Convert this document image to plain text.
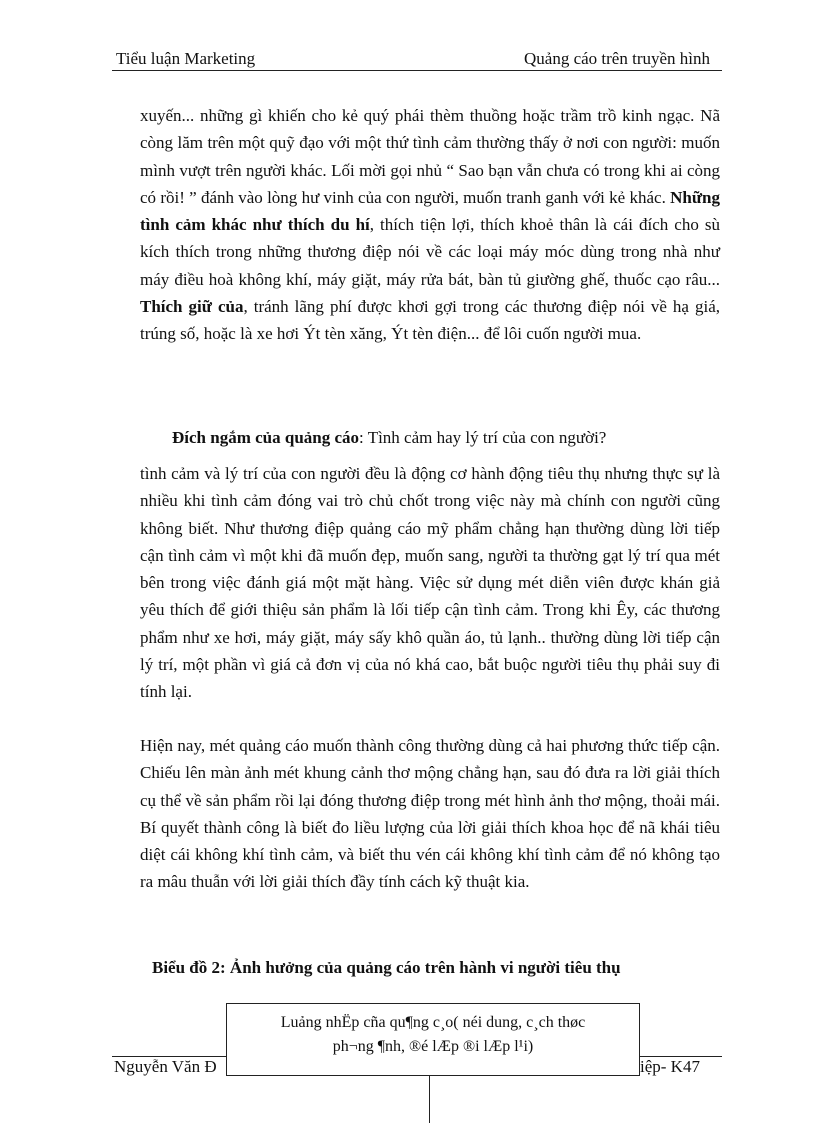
Tiểu luận Marketing	Quảng cáo trên truyền hình
xuyến... những gì khiến cho kẻ quý phái thèm thuồng hoặc trầm trồ kinh ngạc. Nã còng lăm trên một quỹ đạo với một thứ tình cảm thường thấy ở nơi con người: muốn mình vượt trên người khác. Lối mời gọi nhủ “ Sao bạn vẫn chưa có trong khi ai còng có rồi! ” đánh vào lòng hư vinh của con người, muốn tranh ganh với kẻ khác. Những tình cảm khác như thích du hí, thích tiện lợi, thích khoẻ thân là cái đích cho sù kích thích trong những thương điệp nói về các loại máy móc dùng trong nhà như máy điều hoà không khí, máy giặt, máy rửa bát, bàn tủ giường ghế, thuốc cạo râu... Thích giữ của, tránh lãng phí được khơi gợi trong các thương điệp nói về hạ giá, trúng số, hoặc là xe hơi Ýt tèn xăng, Ýt tèn điện... để lôi cuốn người mua.
Đích ngắm của quảng cáo: Tình cảm hay lý trí của con người?
tình cảm và lý trí của con người đều là động cơ hành động tiêu thụ nhưng thực sự là nhiều khi tình cảm đóng vai trò chủ chốt trong việc này mà chính con người cũng không biết. Như thương điệp quảng cáo mỹ phẩm chẳng hạn thường dùng lời tiếp cận tình cảm vì một khi đã muốn đẹp, muốn sang, người ta thường gạt lý trí qua mét bên trong việc đánh giá một mặt hàng. Việc sử dụng mét diễn viên được khán giả yêu thích để giới thiệu sản phẩm là lối tiếp cận tình cảm. Trong khi Êy, các thương phẩm như xe hơi, máy giặt, máy sấy khô quần áo, tủ lạnh.. thường dùng lời tiếp cận lý trí, một phần vì giá cả đơn vị của nó khá cao, bắt buộc người tiêu thụ phải suy đi tính lại.
Hiện nay, mét quảng cáo muốn thành công thường dùng cả hai phương thức tiếp cận. Chiếu lên màn ảnh mét khung cảnh thơ mộng chẳng hạn, sau đó đưa ra lời giải thích cụ thể về sản phẩm rồi lại đóng thương điệp trong mét hình ảnh thơ mộng, thoải mái. Bí quyết thành công là biết đo liều lượng của lời giải thích khoa học để nã khái tiêu diệt cái không khí tình cảm, và biết thu vén cái không khí tình cảm để nó không tạo ra mâu thuẫn với lời giải thích đầy tính cách kỹ thuật kia.
Biểu đồ 2: Ảnh hưởng của quảng cáo trên hành vi người tiêu thụ
Nguyễn Văn Đ	iệp- K47
Luảng nhËp cña qu¶ng c¸o( néi dung, c¸ch thøc
ph¬ng ¶nh, ®é lÆp ®i lÆp l¹i)
